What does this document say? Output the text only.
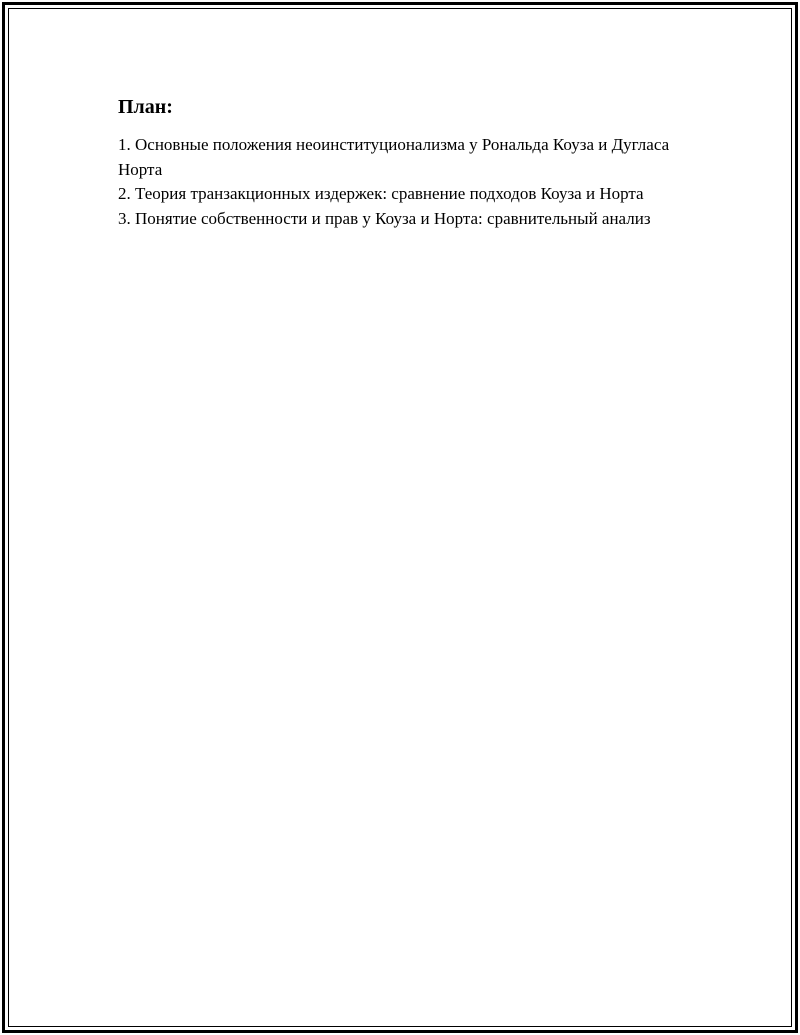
План:
1. Основные положения неоинституционализма у Рональда Коуза и Дугласа Норта
2. Теория транзакционных издержек: сравнение подходов Коуза и Норта
3. Понятие собственности и прав у Коуза и Норта: сравнительный анализ
